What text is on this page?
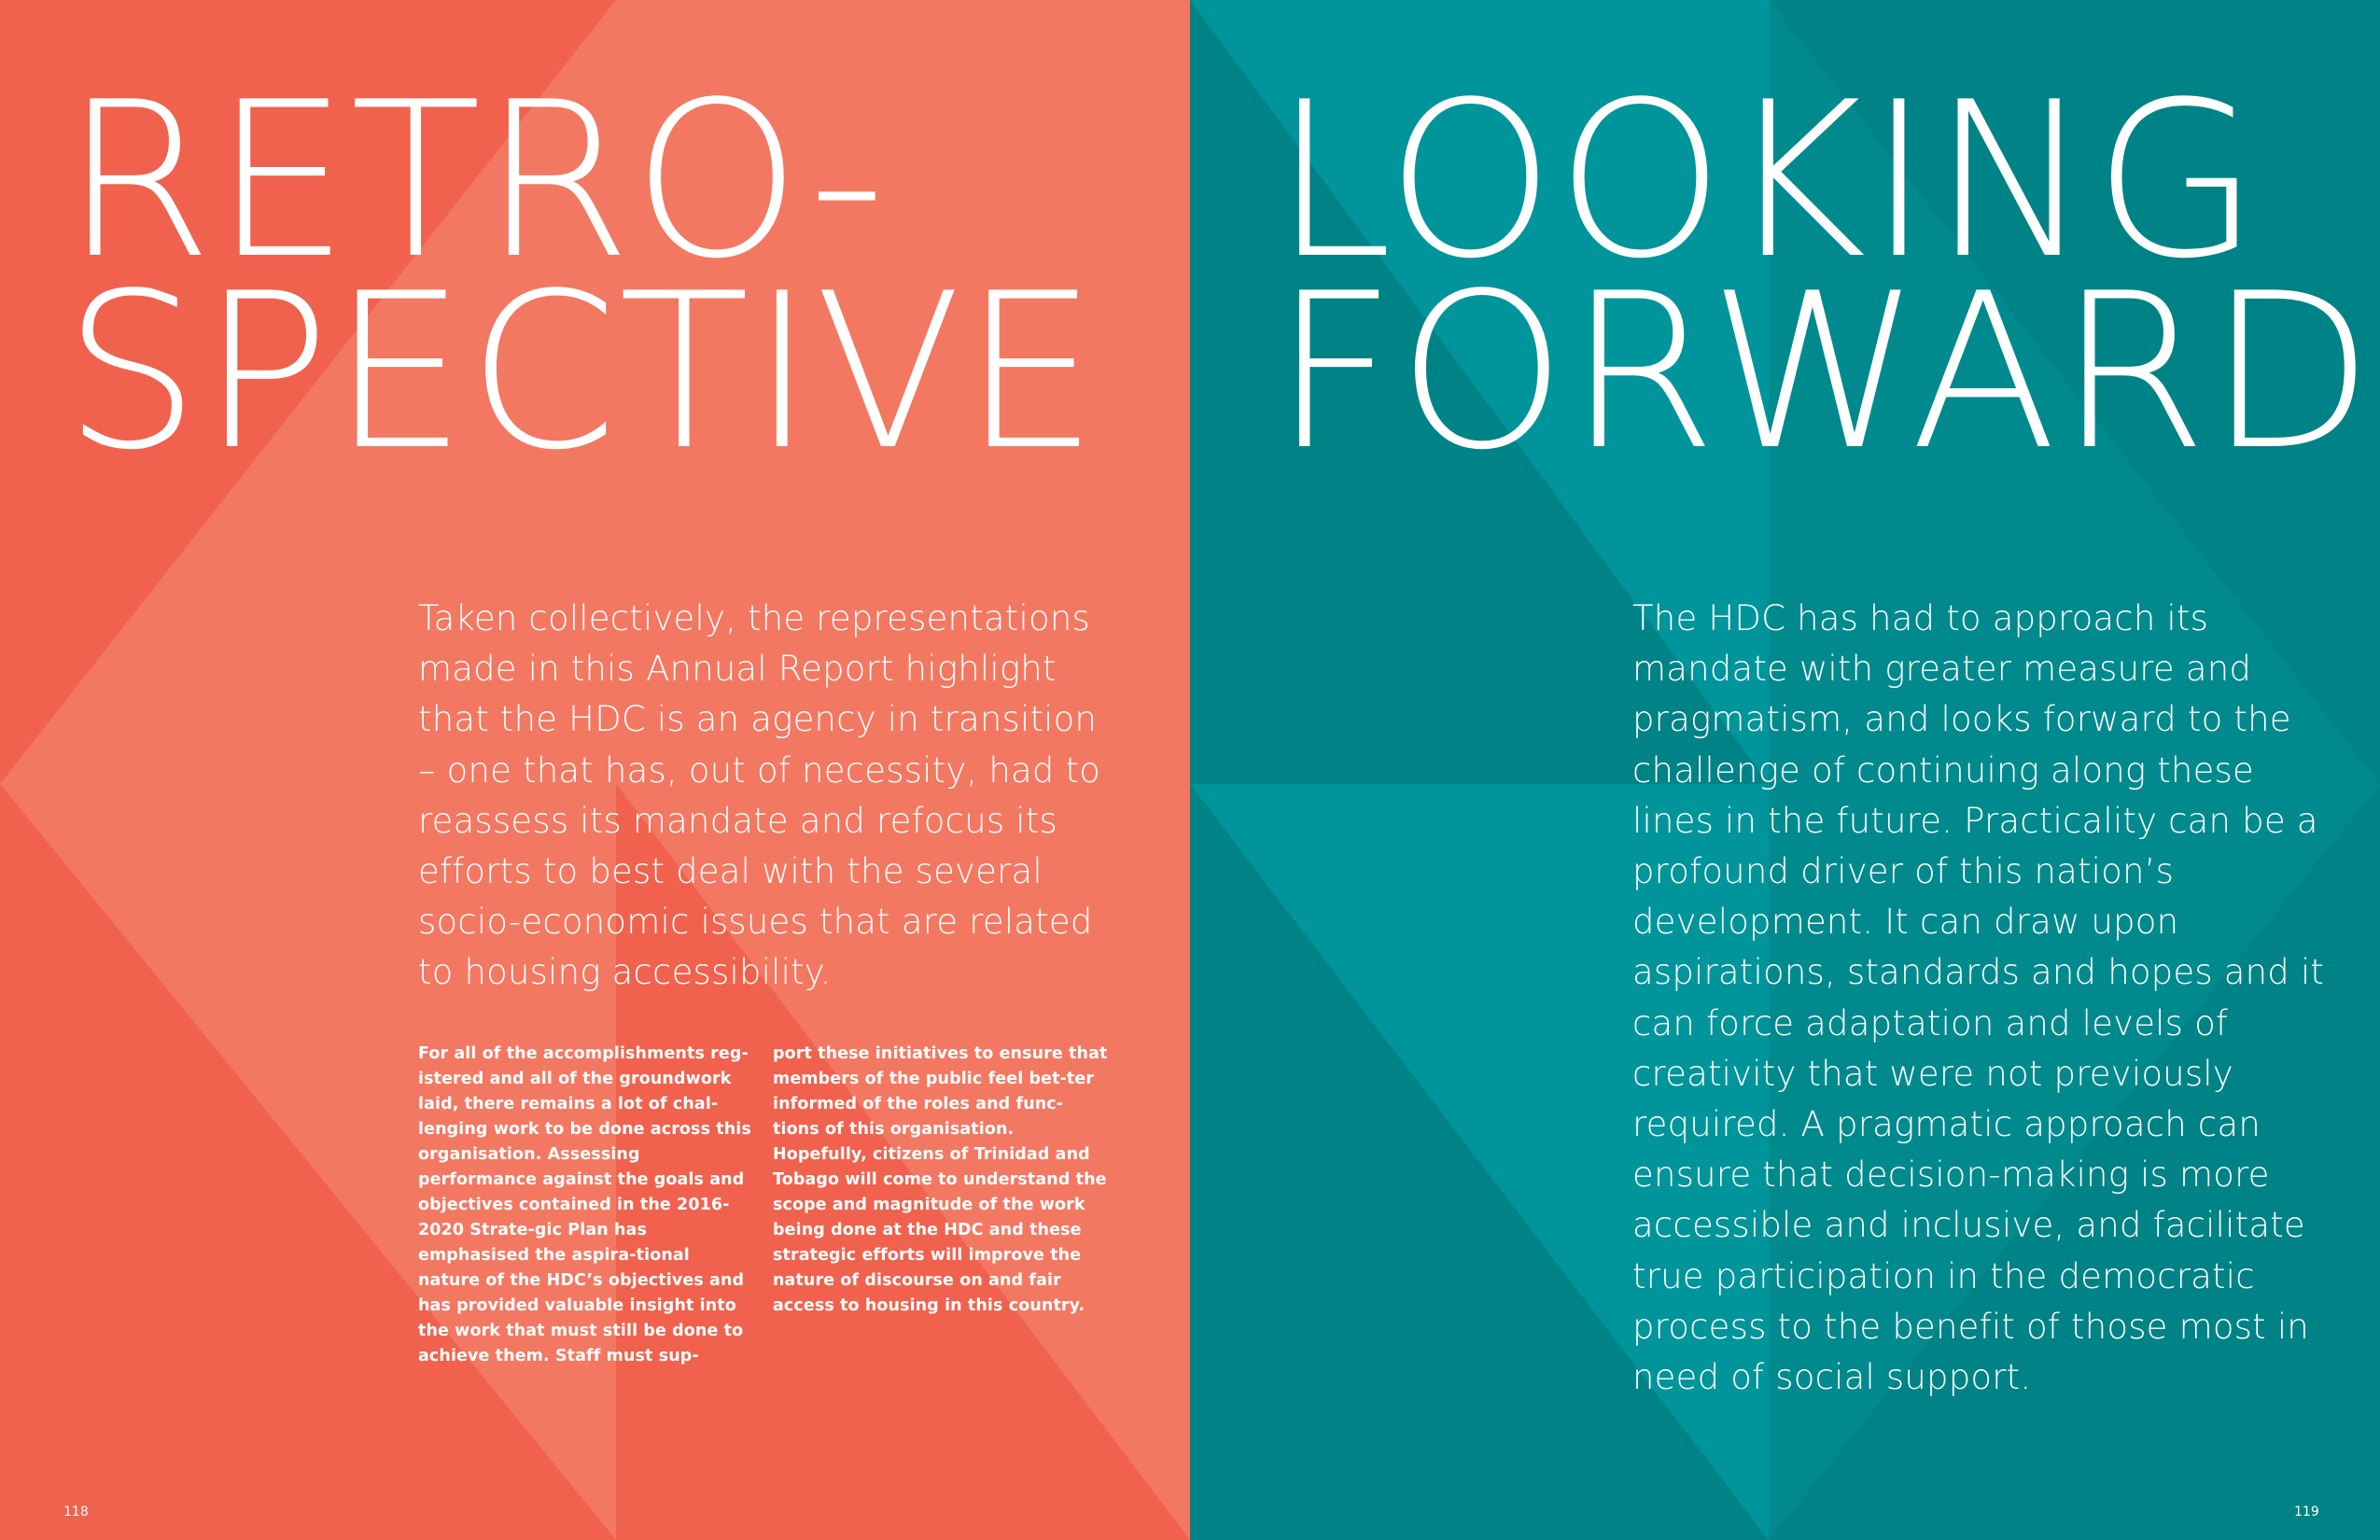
RETRO-
SPECTIVE

Taken collectively, the representations made in this Annual Report highlight that the HDC is an agency in transition – one that has, out of necessity, had to reassess its mandate and refocus its efforts to best deal with the several socio-economic issues that are related to housing accessibility.

For all of the accomplishments reg-istered and all of the groundwork laid, there remains a lot of chal-lenging work to be done across this organisation. Assessing performance against the goals and objectives contained in the 2016-2020 Strate-gic Plan has emphasised the aspira-tional nature of the HDC’s objectives and has provided valuable insight into the work that must still be done to achieve them. Staff must sup-

port these initiatives to ensure that members of the public feel bet-ter informed of the roles and func-tions of this organisation. Hopefully, citizens of Trinidad and Tobago will come to understand the scope and magnitude of the work being done at the HDC and these strategic efforts will improve the nature of discourse on and fair access to housing in this country.

118
LOOKING
FORWARD

The HDC has had to approach its mandate with greater measure and pragmatism, and looks forward to the challenge of continuing along these lines in the future. Practicality can be a profound driver of this nation’s development. It can draw upon aspirations, standards and hopes and it can force adaptation and levels of creativity that were not previously required. A pragmatic approach can ensure that decision-making is more accessible and inclusive, and facilitate true participation in the democratic process to the benefit of those most in need of social support.

119
